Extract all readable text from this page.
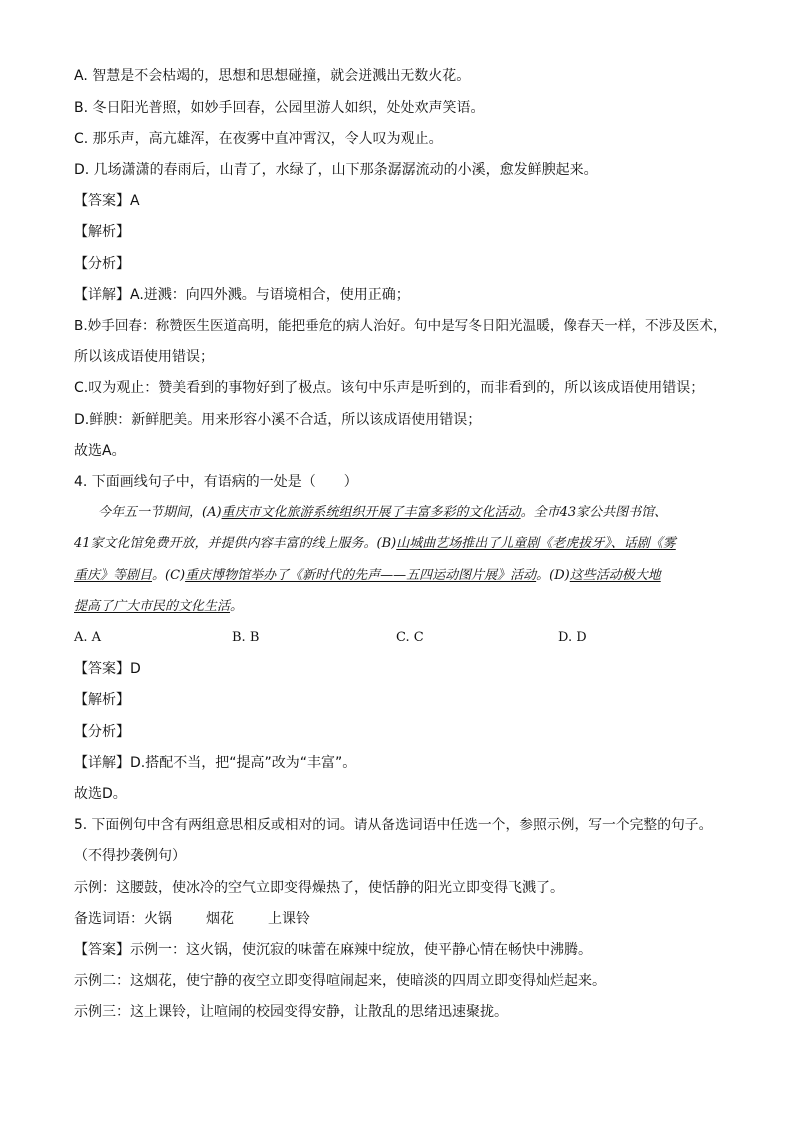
A. 智慧是不会枯竭的，思想和思想碰撞，就会迸溅出无数火花。
B. 冬日阳光普照，如妙手回春，公园里游人如织，处处欢声笑语。
C. 那乐声，高亢雄浑，在夜雾中直冲霄汉，令人叹为观止。
D. 几场潇潇的春雨后，山青了，水绿了，山下那条潺潺流动的小溪，愈发鲜腴起来。
【答案】A
【解析】
【分析】
【详解】A.迸溅：向四外溅。与语境相合，使用正确；
B.妙手回春：称赞医生医道高明，能把垂危的病人治好。句中是写冬日阳光温暖，像春天一样，不涉及医术，
所以该成语使用错误；
C.叹为观止：赞美看到的事物好到了极点。该句中乐声是听到的，而非看到的，所以该成语使用错误；
D.鲜腴：新鲜肥美。用来形容小溪不合适，所以该成语使用错误；
故选A。
4. 下面画线句子中，有语病的一处是（　　）
今年五一节期间，(A)重庆市文化旅游系统组织开展了丰富多彩的文化活动。全市43家公共图书馆、
41家文化馆免费开放，并提供内容丰富的线上服务。(B)山城曲艺场推出了儿童剧《老虎拔牙》、话剧《雾
重庆》等剧目。(C)重庆博物馆举办了《新时代的先声——五四运动图片展》活动。(D)这些活动极大地
提高了广大市民的文化生活。
A. A	B. B	C. C	D. D
【答案】D
【解析】
【分析】
【详解】D.搭配不当，把“提高”改为“丰富”。
故选D。
5. 下面例句中含有两组意思相反或相对的词。请从备选词语中任选一个，参照示例，写一个完整的句子。
（不得抄袭例句）
示例：这腰鼓，使冰冷的空气立即变得燥热了，使恬静的阳光立即变得飞溅了。
备选词语：火锅 烟花 上课铃
【答案】示例一：这火锅，使沉寂的味蕾在麻辣中绽放，使平静心情在畅快中沸腾。
示例二：这烟花，使宁静的夜空立即变得喧闹起来，使暗淡的四周立即变得灿烂起来。
示例三：这上课铃，让喧闹的校园变得安静，让散乱的思绪迅速聚拢。
